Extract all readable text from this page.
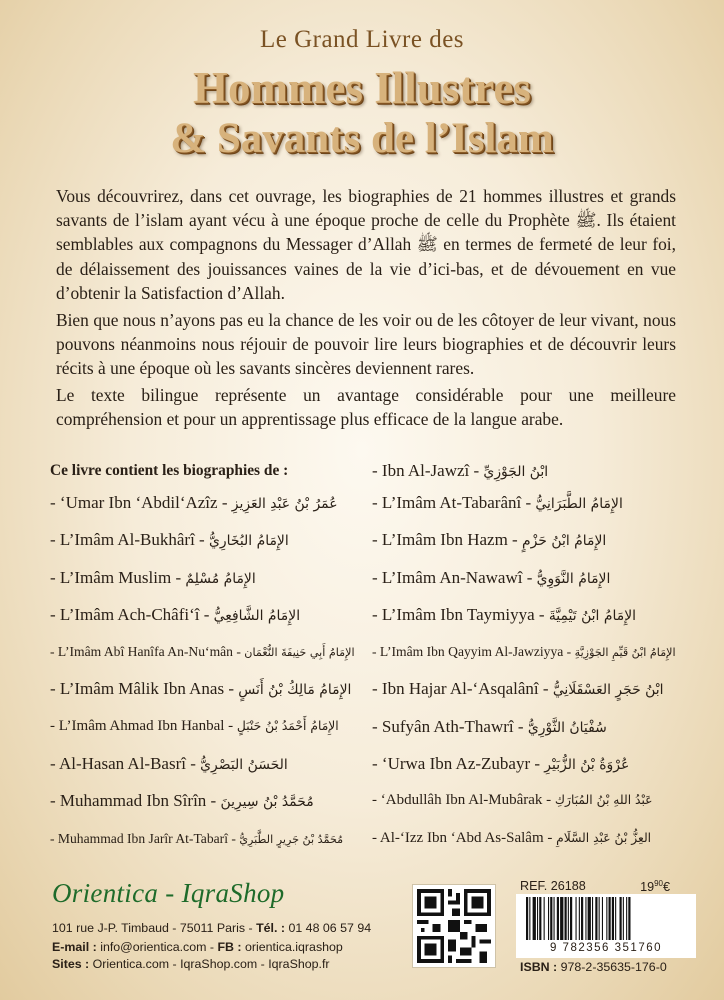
Le Grand Livre des
Hommes Illustres
& Savants de l’Islam
Vous découvrirez, dans cet ouvrage, les biographies de 21 hommes illustres et grands savants de l’islam ayant vécu à une époque proche de celle du Prophète ﷺ. Ils étaient semblables aux compagnons du Messager d’Allah ﷺ en termes de fermeté de leur foi, de délaissement des jouissances vaines de la vie d’ici-bas, et de dévouement en vue d’obtenir la Satisfaction d’Allah.
Bien que nous n’ayons pas eu la chance de les voir ou de les côtoyer de leur vivant, nous pouvons néanmoins nous réjouir de pouvoir lire leurs biographies et de découvrir leurs récits à une époque où les savants sincères deviennent rares.
Le texte bilingue représente un avantage considérable pour une meilleure compréhension et pour un apprentissage plus efficace de la langue arabe.
Ce livre contient les biographies de :
- ‘Umar Ibn ‘Abdil‘Azîz - عُمَرُ بْنُ عَبْدِ العَزِيزِ
- L’Imâm Al-Bukhârî - الإِمَامُ البُخَارِيُّ
- L’Imâm Muslim - الإِمَامُ مُسْلِمٌ
- L’Imâm Ach-Châfi‘î - الإِمَامُ الشَّافِعِيُّ
- L’Imâm Abî Hanîfa An-Nu‘mân - الإِمَامُ أَبِي حَنِيفَةَ النُّعْمَان
- L’Imâm Mâlik Ibn Anas - الإِمَامُ مَالِكُ بْنُ أَنَسٍ
- L’Imâm Ahmad Ibn Hanbal - الإِمَامُ أَحْمَدُ بْنُ حَنْبَلٍ
- Al-Hasan Al-Basrî - الحَسَنُ البَصْرِيُّ
- Muhammad Ibn Sîrîn - مُحَمَّدُ بْنُ سِيرِينَ
- Muhammad Ibn Jarîr At-Tabarî - مُحَمَّدُ بْنُ جَرِيرٍ الطَّبَرِيُّ
- Ibn Al-Jawzî - ابْنُ الجَوْزِيِّ
- L’Imâm At-Tabarânî - الإِمَامُ الطَّبَرَانِيُّ
- L’Imâm Ibn Hazm - الإِمَامُ ابْنُ حَزْمٍ
- L’Imâm An-Nawawî - الإِمَامُ النَّوَوِيُّ
- L’Imâm Ibn Taymiyya - الإِمَامُ ابْنُ تَيْمِيَّةَ
- L’Imâm Ibn Qayyim Al-Jawziyya - الإِمَامُ ابْنُ قَيِّمِ الجَوْزِيَّةِ
- Ibn Hajar Al-‘Asqalânî - ابْنُ حَجَرٍ العَسْقَلَانِيُّ
- Sufyân Ath-Thawrî - سُفْيَانُ الثَّوْرِيُّ
- ‘Urwa Ibn Az-Zubayr - عُرْوَةُ بْنُ الزُّبَيْرِ
- ‘Abdullâh Ibn Al-Mubârak - عَبْدُ اللهِ بْنُ المُبَارَكِ
- Al-‘Izz Ibn ‘Abd As-Salâm - العِزُّ بْنُ عَبْدِ السَّلَامِ
Orientica - IqraShop
101 rue J-P. Timbaud - 75011 Paris - Tél. : 01 48 06 57 94
E-mail : info@orientica.com - FB : orientica.iqrashop
Sites : Orientica.com - IqraShop.com - IqraShop.fr
REF. 26188	$19^{90}€$
9 782356 351760
ISBN : 978-2-35635-176-0
